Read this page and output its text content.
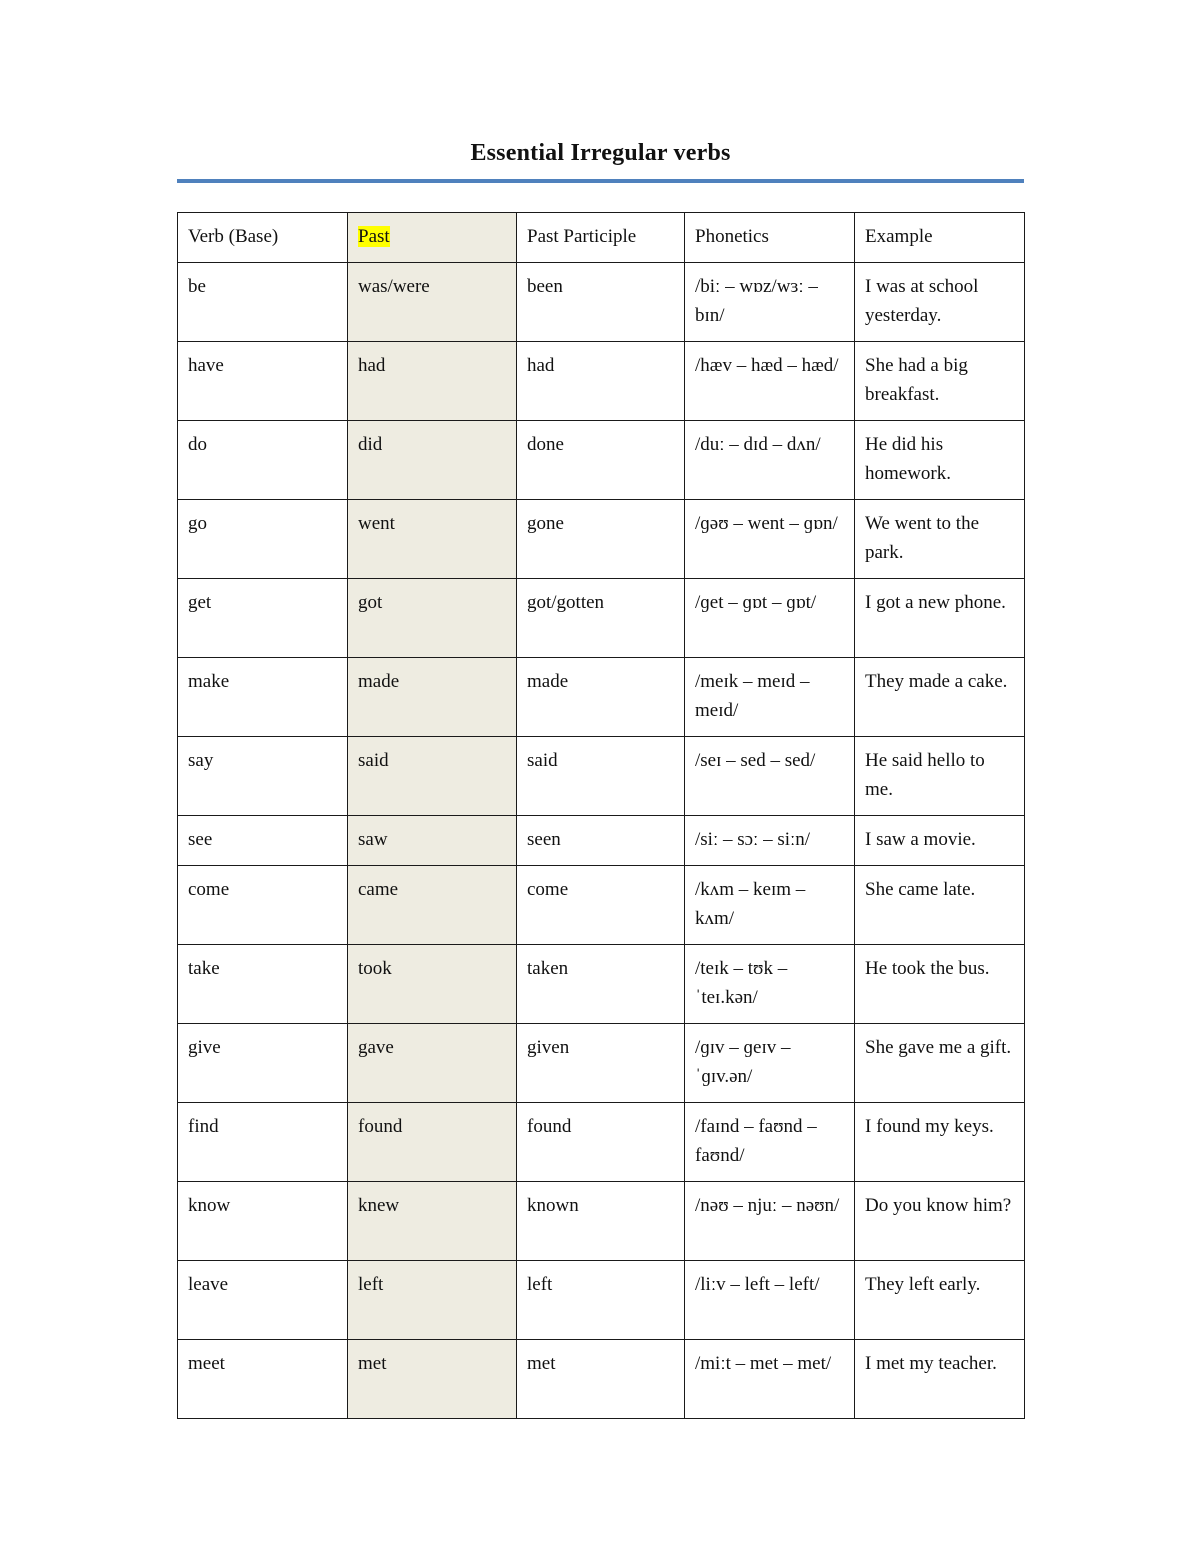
Essential Irregular verbs
Verb (Base)	Past	Past Participle	Phonetics	Example
be	was/were	been	/biː – wɒz/wɜː – bɪn/	I was at school yesterday.
have	had	had	/hæv – hæd – hæd/	She had a big breakfast.
do	did	done	/duː – dɪd – dʌn/	He did his homework.
go	went	gone	/ɡəʊ – went – ɡɒn/	We went to the park.
get	got	got/gotten	/ɡet – ɡɒt – ɡɒt/	I got a new phone.
make	made	made	/meɪk – meɪd – meɪd/	They made a cake.
say	said	said	/seɪ – sed – sed/	He said hello to me.
see	saw	seen	/siː – sɔː – siːn/	I saw a movie.
come	came	come	/kʌm – keɪm – kʌm/	She came late.
take	took	taken	/teɪk – tʊk – ˈteɪ.kən/	He took the bus.
give	gave	given	/ɡɪv – ɡeɪv – ˈɡɪv.ən/	She gave me a gift.
find	found	found	/faɪnd – faʊnd – faʊnd/	I found my keys.
know	knew	known	/nəʊ – njuː – nəʊn/	Do you know him?
leave	left	left	/liːv – left – left/	They left early.
meet	met	met	/miːt – met – met/	I met my teacher.
